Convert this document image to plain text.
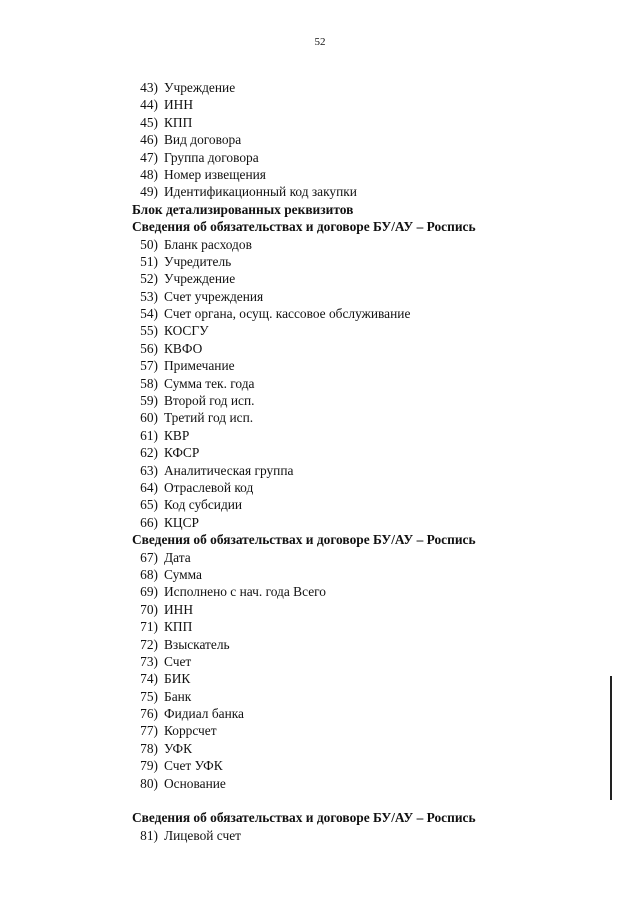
52
43) Учреждение
44) ИНН
45) КПП
46) Вид договора
47) Группа договора
48) Номер извещения
49) Идентификационный код закупки
Блок детализированных реквизитов
Сведения об обязательствах и договоре БУ/АУ – Роспись
50) Бланк расходов
51) Учредитель
52) Учреждение
53) Счет учреждения
54) Счет органа, осущ. кассовое обслуживание
55) КОСГУ
56) КВФО
57) Примечание
58) Сумма тек. года
59) Второй год исп.
60) Третий год исп.
61) КВР
62) КФСР
63) Аналитическая группа
64) Отраслевой код
65) Код субсидии
66) КЦСР
Сведения об обязательствах и договоре БУ/АУ – Роспись
67) Дата
68) Сумма
69) Исполнено с нач. года Всего
70) ИНН
71) КПП
72) Взыскатель
73) Счет
74) БИК
75) Банк
76) Фидиал банка
77) Коррсчет
78) УФК
79) Счет УФК
80) Основание
Сведения об обязательствах и договоре БУ/АУ – Роспись
81) Лицевой счет
